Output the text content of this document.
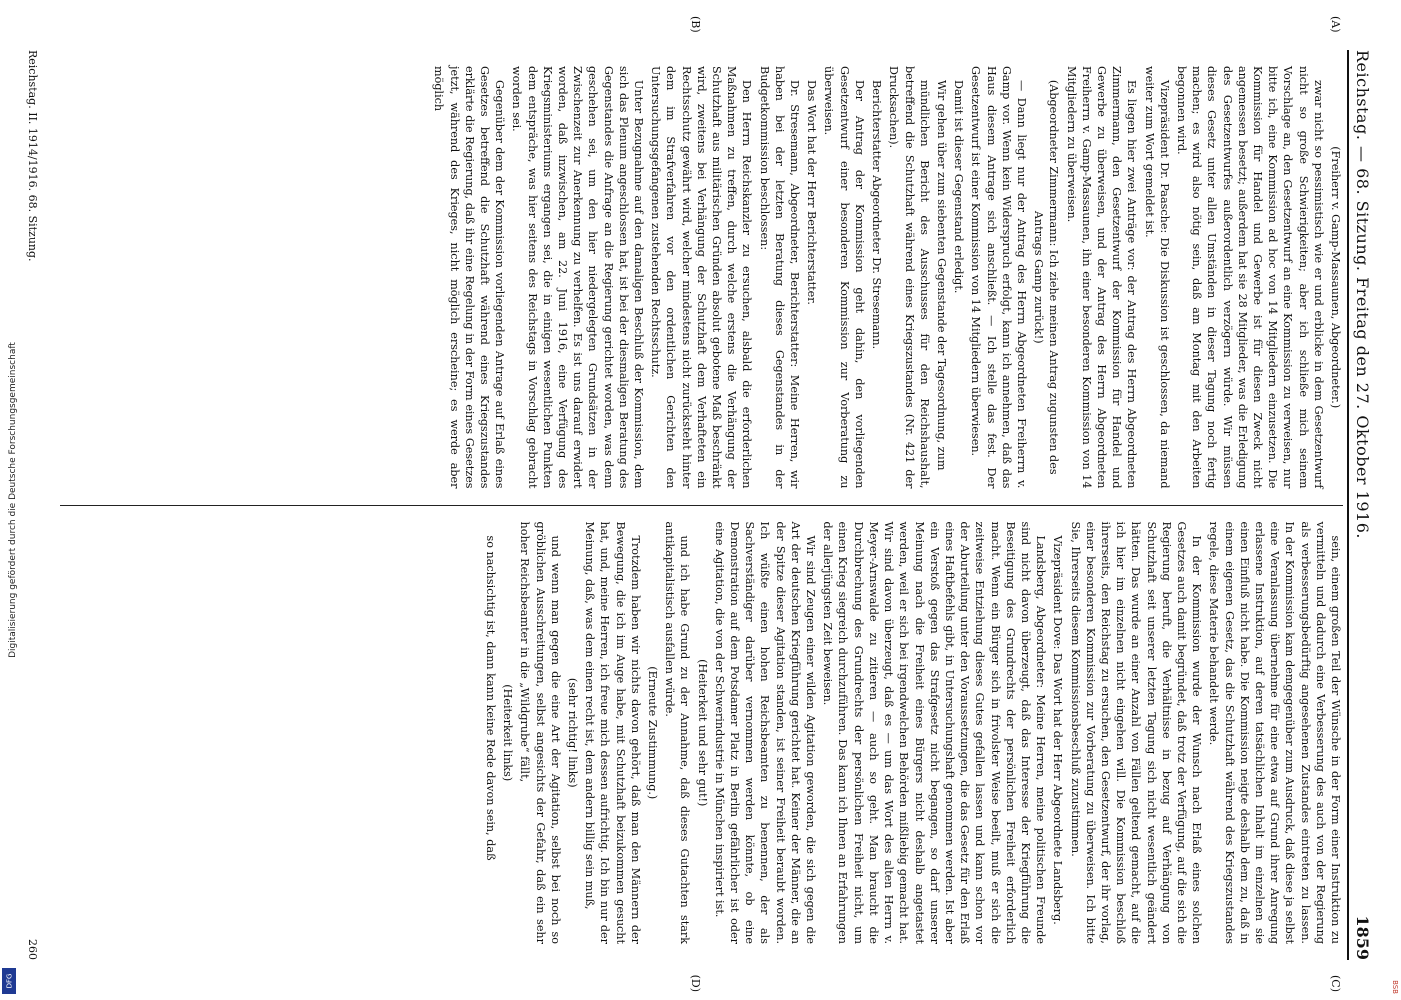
Digitalisierung gefördert durch die Deutsche Forschungsgemeinschaft
DFG	BSB
Reichstag. — 68. Sitzung. Freitag den 27. Oktober 1916.
1859
(A)
(B)

(Freiherr v. Gamp-Massaunen, Abgeordneter.)

zwar nicht so pessimistisch wie er und erblicke in dem Gesetzentwurf nicht so große Schwierigkeiten; aber ich schließe mich seinem Vorschlage an, den Gesetzentwurf an eine Kommission zu verweisen, nur bitte ich, eine Kommission ad hoc von 14 Mitgliedern einzusetzen. Die Kommission für Handel und Gewerbe ist für diesen Zweck nicht angemessen besetzt; außerdem hat sie 28 Mitglieder, was die Erledigung des Gesetzentwurfes außerordentlich verzögern würde. Wir müssen dieses Gesetz unter allen Umständen in dieser Tagung noch fertig machen; es wird also nötig sein, daß am Montag mit den Arbeiten begonnen wird.

Vizepräsident Dr. Paasche: Die Diskussion ist geschlossen, da niemand weiter zum Wort gemeldet ist.

Es liegen hier zwei Anträge vor: der Antrag des Herrn Abgeordneten Zimmermann, den Gesetzentwurf der Kommission für Handel und Gewerbe zu überweisen, und der Antrag des Herrn Abgeordneten Freiherrn v. Gamp-Massaunen, ihn einer besonderen Kommission von 14 Mitgliedern zu überweisen.

(Abgeordneter Zimmermann: Ich ziehe meinen Antrag zugunsten des Antrags Gamp zurück!)

— Dann liegt nur der Antrag des Herrn Abgeordneten Freiherrn v. Gamp vor. Wenn kein Widerspruch erfolgt, kann ich annehmen, daß das Haus diesem Antrage sich anschließt. — Ich stelle das fest. Der Gesetzentwurf ist einer Kommission von 14 Mitgliedern überwiesen.

Damit ist dieser Gegenstand erledigt.

Wir gehen über zum siebenten Gegenstande der Tagesordnung, zum

mündlichen Bericht des Ausschusses für den Reichshaushalt, betreffend die Schutzhaft während eines Kriegszustandes (Nr. 421 der Drucksachen).

Berichterstatter Abgeordneter Dr. Stresemann.

Der Antrag der Kommission geht dahin, den vorliegenden Gesetzentwurf einer besonderen Kommission zur Vorberatung zu überweisen.

Das Wort hat der Herr Berichterstatter.

Dr. Stresemann, Abgeordneter, Berichterstatter: Meine Herren, wir haben bei der letzten Beratung dieses Gegenstandes in der Budgetkommission beschlossen:

Den Herrn Reichskanzler zu ersuchen, alsbald die erforderlichen Maßnahmen zu treffen, durch welche erstens die Verhängung der Schutzhaft aus militärischen Gründen absolut gebotene Maß beschränkt wird, zweitens bei Verhängung der Schutzhaft dem Verhafteten ein Rechtsschutz gewährt wird, welcher mindestens nicht zurücksteht hinter dem im Strafverfahren vor den ordentlichen Gerichten den Untersuchungsgefangenen zustehenden Rechtsschutz.

Unter Bezugnahme auf den damaligen Beschluß der Kommission, dem sich das Plenum angeschlossen hat, ist bei der diesmaligen Beratung des Gegenstandes die Anfrage an die Regierung gerichtet worden, was denn geschehen sei, um den hier niedergelegten Grundsätzen in der Zwischenzeit zur Anerkennung zu verhelfen. Es ist uns darauf erwidert worden, daß inzwischen, am 22. Juni 1916, eine Verfügung des Kriegsministeriums ergangen sei, die in einigen wesentlichen Punkten dem entspräche, was hier seitens des Reichstags in Vorschlag gebracht worden sei.

Gegenüber dem der Kommission vorliegenden Antrage auf Erlaß eines Gesetzes betreffend die Schutzhaft während eines Kriegszustandes erklärte die Regierung, daß ihr eine Regelung in der Form eines Gesetzes jetzt, während des Krieges, nicht möglich erscheine; es werde aber möglich

(C)
(D)

sein, einem großen Teil der Wünsche in der Form einer Instruktion zu vermitteln und dadurch eine Verbesserung des auch von der Regierung als verbesserungsbedürftig angesehenen Zustandes eintreten zu lassen. In der Kommission kam demgegenüber zum Ausdruck, daß diese ja selbst eine Veranlassung übernehme für eine etwa auf Grund ihrer Anregung erlassene Instruktion, auf deren tatsächlichen Inhalt im einzelnen sie einen Einfluß nicht habe. Die Kommission neigte deshalb dem zu, daß in einem eigenen Gesetz, das die Schutzhaft während des Kriegszustandes regele, diese Materie behandelt werde.

In der Kommission wurde der Wunsch nach Erlaß eines solchen Gesetzes auch damit begründet, daß trotz der Verfügung, auf die sich die Regierung beruft, die Verhältnisse in bezug auf Verhängung von Schutzhaft seit unserer letzten Tagung sich nicht wesentlich geändert hätten. Das wurde an einer Anzahl von Fällen geltend gemacht, auf die ich hier im einzelnen nicht eingehen will. Die Kommission beschloß ihrerseits, den Reichstag zu ersuchen, den Gesetzentwurf, der ihr vorlag, einer besonderen Kommission zur Vorberatung zu überweisen. Ich bitte Sie, Ihrerseits diesem Kommissionsbeschluß zuzustimmen.

Vizepräsident Dove: Das Wort hat der Herr Abgeordnete Landsberg.

Landsberg, Abgeordneter: Meine Herren, meine politischen Freunde sind nicht davon überzeugt, daß das Interesse der Kriegführung die Beseitigung des Grundrechts der persönlichen Freiheit erforderlich macht. Wenn ein Bürger sich in frivolster Weise beeilt, muß er sich die zeitweise Entziehung dieses Gutes gefallen lassen und kann schon vor der Aburteilung unter den Voraussetzungen, die das Gesetz für den Erlaß eines Haftbefehls gibt, in Untersuchungshaft genommen werden. Ist aber ein Verstoß gegen das Strafgesetz nicht begangen, so darf unserer Meinung nach die Freiheit eines Bürgers nicht deshalb angetastet werden, weil er sich bei irgendwelchen Behörden mißliebig gemacht hat. Wir sind davon überzeugt, daß es — um das Wort des alten Herrn v. Meyer-Arnswalde zu zitieren — auch so geht. Man braucht die Durchbrechung des Grundrechts der persönlichen Freiheit nicht, um einen Krieg siegreich durchzuführen. Das kann ich Ihnen an Erfahrungen der allerjüngsten Zeit beweisen.

Wir sind Zeugen einer wilden Agitation geworden, die sich gegen die Art der deutschen Kriegführung gerichtet hat. Keiner der Männer, die an der Spitze dieser Agitation standen, ist seiner Freiheit beraubt worden. Ich wüßte einen hohen Reichsbeamten zu benennen, der als Sachverständiger darüber vernommen werden könnte, ob eine Demonstration auf dem Potsdamer Platz in Berlin gefährlicher ist oder eine Agitation, die von der Schwerindustrie in München inspiriert ist.

(Heiterkeit und sehr gut!)

und ich habe Grund zu der Annahme, daß dieses Gutachten stark antikapitalistisch ausfallen würde.

(Erneute Zustimmung.)

Trotzdem haben wir nichts davon gehört, daß man den Männern der Bewegung, die ich im Auge habe, mit Schutzhaft beizukommen gesucht hat, und, meine Herren, ich freue mich dessen aufrichtig. Ich bin nur der Meinung, daß, was dem einen recht ist, dem andern billig sein muß,

(sehr richtig! links)

und wenn man gegen die eine Art der Agitation, selbst bei noch so gröblichen Ausschreitungen, selbst angesichts der Gefahr, daß ein sehr hoher Reichsbeamter in die „Wildgrube“ fällt,

(Heiterkeit links)

so nachsichtig ist, dann kann keine Rede davon sein, daß

Reichstag. II. 1914/1916. 68. Sitzung.
260
